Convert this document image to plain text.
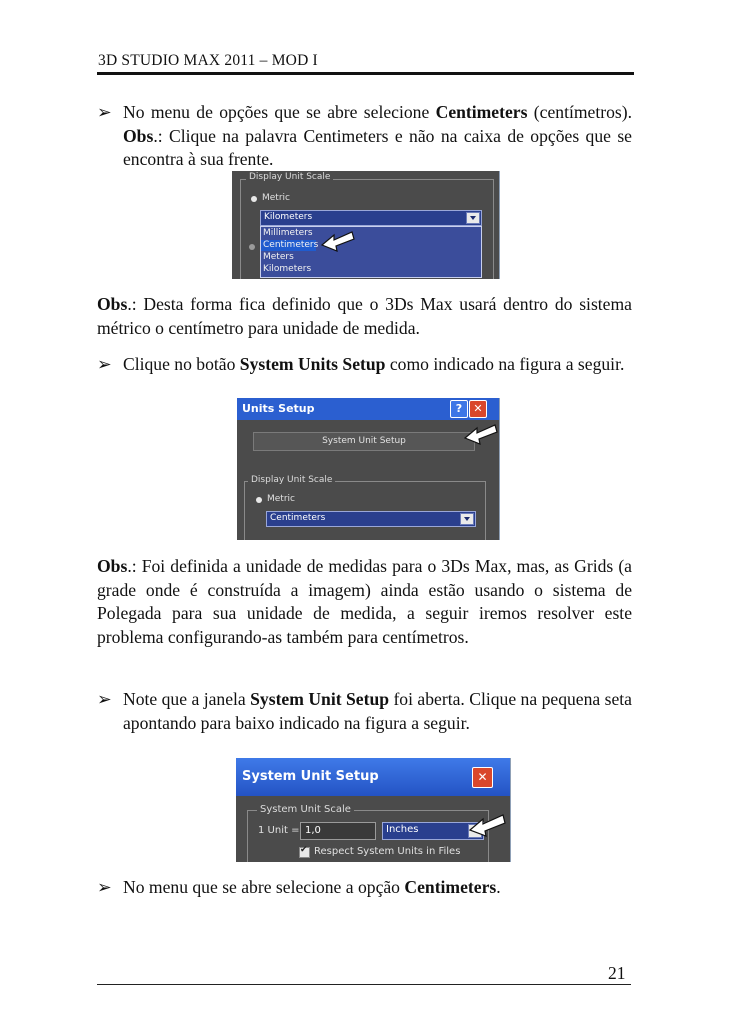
3D STUDIO MAX 2011 – MOD I
➢ No menu de opções que se abre selecione Centimeters (centímetros). Obs.: Clique na palavra Centimeters e não na caixa de opções que se encontra à sua frente.
Display Unit Scale
Metric
Kilometers
Millimeters
Centimeters
Meters
Kilometers
Obs.: Desta forma fica definido que o 3Ds Max usará dentro do sistema métrico o centímetro para unidade de medida.
➢ Clique no botão System Units Setup como indicado na figura a seguir.
Units Setup	?	✕
System Unit Setup
Display Unit Scale
Metric
Centimeters
Obs.: Foi definida a unidade de medidas para o 3Ds Max, mas, as Grids (a grade onde é construída a imagem) ainda estão usando o sistema de Polegada para sua unidade de medida, a seguir iremos resolver este problema configurando-as também para centímetros.
➢ Note que a janela System Unit Setup foi aberta. Clique na pequena seta apontando para baixo indicado na figura a seguir.
System Unit Setup	✕
System Unit Scale
1 Unit = 1,0	Inches
✔
Respect System Units in Files
➢ No menu que se abre selecione a opção Centimeters.
21
